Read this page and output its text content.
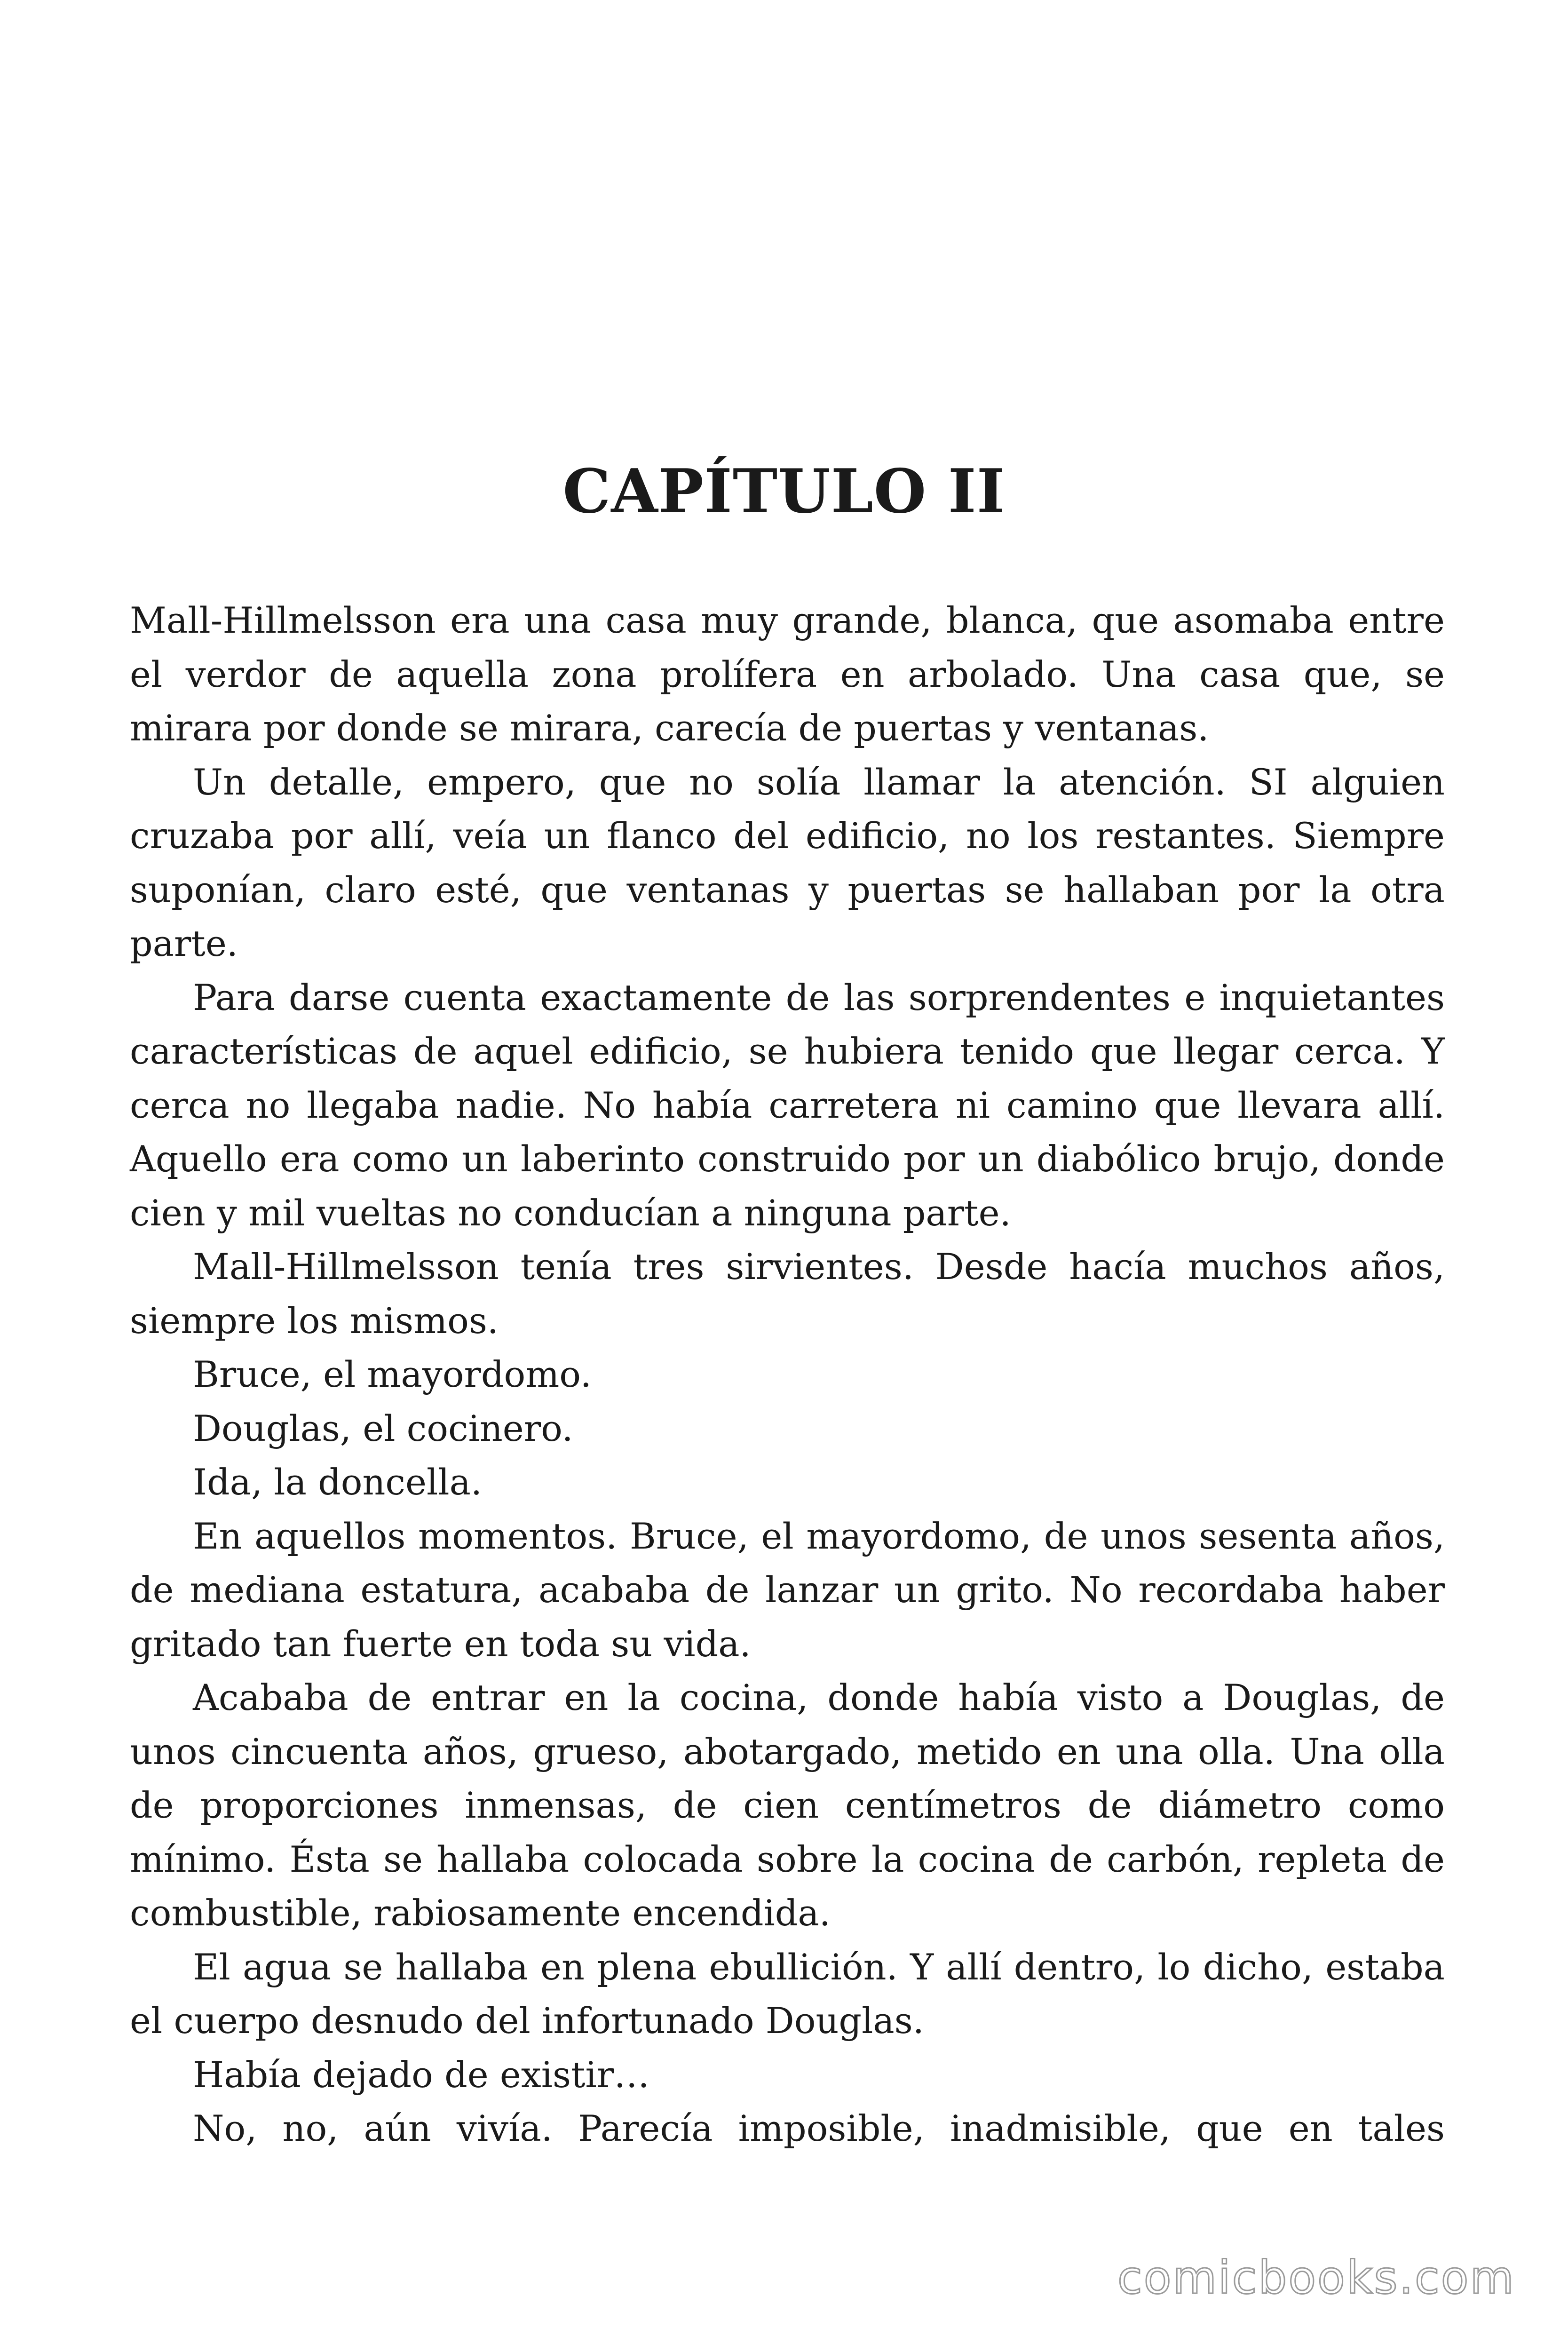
CAPÍTULO II

Mall-Hillmelsson era una casa muy grande, blanca, que asomaba entre el verdor de aquella zona prolífera en arbolado. Una casa que, se mirara por donde se mirara, carecía de puertas y ventanas.

Un detalle, empero, que no solía llamar la atención. SI alguien cruzaba por allí, veía un flanco del edificio, no los restantes. Siempre suponían, claro esté, que ventanas y puertas se hallaban por la otra parte.

Para darse cuenta exactamente de las sorprendentes e inquietantes características de aquel edificio, se hubiera tenido que llegar cerca. Y cerca no llegaba nadie. No había carretera ni camino que llevara allí. Aquello era como un laberinto construido por un diabólico brujo, donde cien y mil vueltas no conducían a ninguna parte.

Mall-Hillmelsson tenía tres sirvientes. Desde hacía muchos años, siempre los mismos.

Bruce, el mayordomo.

Douglas, el cocinero.

Ida, la doncella.

En aquellos momentos. Bruce, el mayordomo, de unos sesenta años, de mediana estatura, acababa de lanzar un grito. No recordaba haber gritado tan fuerte en toda su vida.

Acababa de entrar en la cocina, donde había visto a Douglas, de unos cincuenta años, grueso, abotargado, metido en una olla. Una olla de proporciones inmensas, de cien centímetros de diámetro como mínimo. Ésta se hallaba colocada sobre la cocina de carbón, repleta de combustible, rabiosamente encendida.

El agua se hallaba en plena ebullición. Y allí dentro, lo dicho, estaba el cuerpo desnudo del infortunado Douglas.

Había dejado de existir…

No, no, aún vivía. Parecía imposible, inadmisible, que en tales

comicbooks.com
